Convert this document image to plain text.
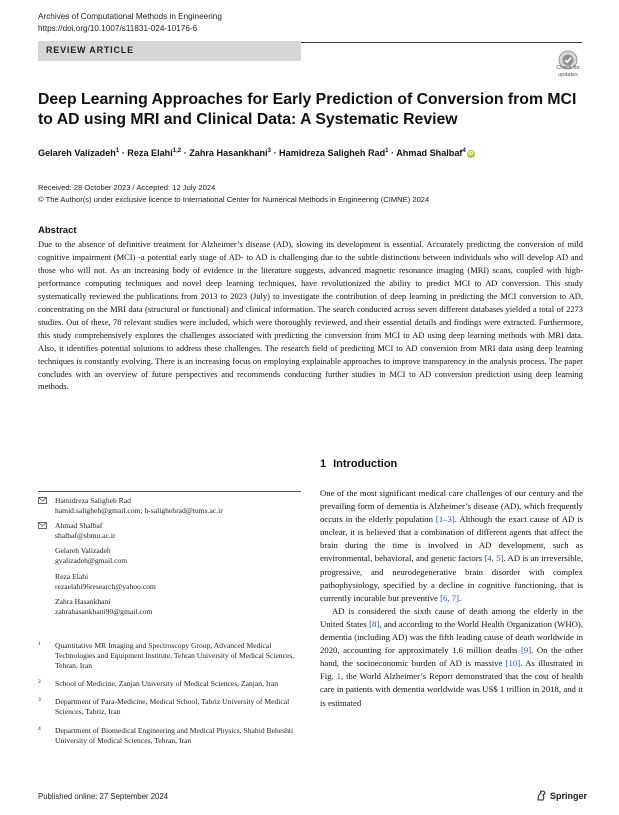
Archives of Computational Methods in Engineering
https://doi.org/10.1007/s11831-024-10176-6
REVIEW ARTICLE
Check for
updates
Deep Learning Approaches for Early Prediction of Conversion from MCI to AD using MRI and Clinical Data: A Systematic Review
Gelareh Valizadeh$^1$ · Reza Elahi$^{1,2}$ · Zahra Hasankhani$^3$ · Hamidreza Saligheh Rad$^1$ · Ahmad Shalbaf$^4$iD
Received: 28 October 2023 / Accepted: 12 July 2024
© The Author(s) under exclusive licence to International Center for Numerical Methods in Engineering (CIMNE) 2024
Abstract
Due to the absence of definitive treatment for Alzheimer’s disease (AD), slowing its development is essential. Accurately predicting the conversion of mild cognitive impairment (MCI) -a potential early stage of AD- to AD is challenging due to the subtle distinctions between individuals who will develop AD and those who will not. As an increasing body of evidence in the literature suggests, advanced magnetic resonance imaging (MRI) scans, coupled with high-performance computing techniques and novel deep learning techniques, have revolutionized the ability to predict MCI to AD conversion. This study systematically reviewed the publications from 2013 to 2023 (July) to investigate the contribution of deep learning in predicting the MCI conversion to AD, concentrating on the MRI data (structural or functional) and clinical information. The search conducted across seven different databases yielded a total of 2273 studies. Out of these, 78 relevant studies were included, which were thoroughly reviewed, and their essential details and findings were extracted. Furthermore, this study comprehensively explores the challenges associated with predicting the conversion from MCI to AD using deep learning methods with MRI data. Also, it identifies potential solutions to address these challenges. The research field of predicting MCI to AD conversion from MRI data using deep learning techniques is constantly evolving. There is an increasing focus on employing explainable approaches to improve transparency in the analysis process. The paper concludes with an overview of future perspectives and recommends conducting further studies in MCI to AD conversion prediction using deep learning methods.
1 Introduction
Hamidreza Saligheh Rad
hamid.saligheh@gmail.com; h-salighehrad@tums.ac.ir
Ahmad Shalbaf
shalbaf@sbmu.ac.ir
Gelareh Valizadeh
gvalizadeh@gmail.com
Reza Elahi
rezaelahi96research@yahoo.com
Zahra Hasankhani
zahrahasankhani90@gmail.com
1 Quantitative MR Imaging and Spectroscopy Group, Advanced Medical Technologies and Equipment Institute, Tehran University of Medical Sciences, Tehran, Iran
2 School of Medicine, Zanjan University of Medical Sciences, Zanjan, Iran
3 Department of Para-Medicine, Medical School, Tabriz University of Medical Sciences, Tabriz, Iran
4 Department of Biomedical Engineering and Medical Physics, Shahid Beheshti University of Medical Sciences, Tehran, Iran

One of the most significant medical care challenges of our century and the prevailing form of dementia is Alzheimer’s disease (AD), which frequently occurs in the elderly population [1–3]. Although the exact cause of AD is unclear, it is believed that a combination of different agents that affect the brain during the time is involved in AD development, such as environmental, behavioral, and genetic factors [4, 5]. AD is an irreversible, progressive, and neurodegenerative brain disorder with complex pathophysiology, specified by a decline in cognitive functioning, that is currently incurable but preventive [6, 7].

AD is considered the sixth cause of death among the elderly in the United States [8], and according to the World Health Organization (WHO), dementia (including AD) was the fifth leading cause of death worldwide in 2020, accounting for approximately 1.6 million deaths [9]. On the other hand, the socioeconomic burden of AD is massive [10]. As illustrated in Fig. 1, the World Alzheimer’s Report demonstrated that the cost of health care in patients with dementia worldwide was US$ 1 trillion in 2018, and it is estimated

Published online: 27 September 2024	Springer
